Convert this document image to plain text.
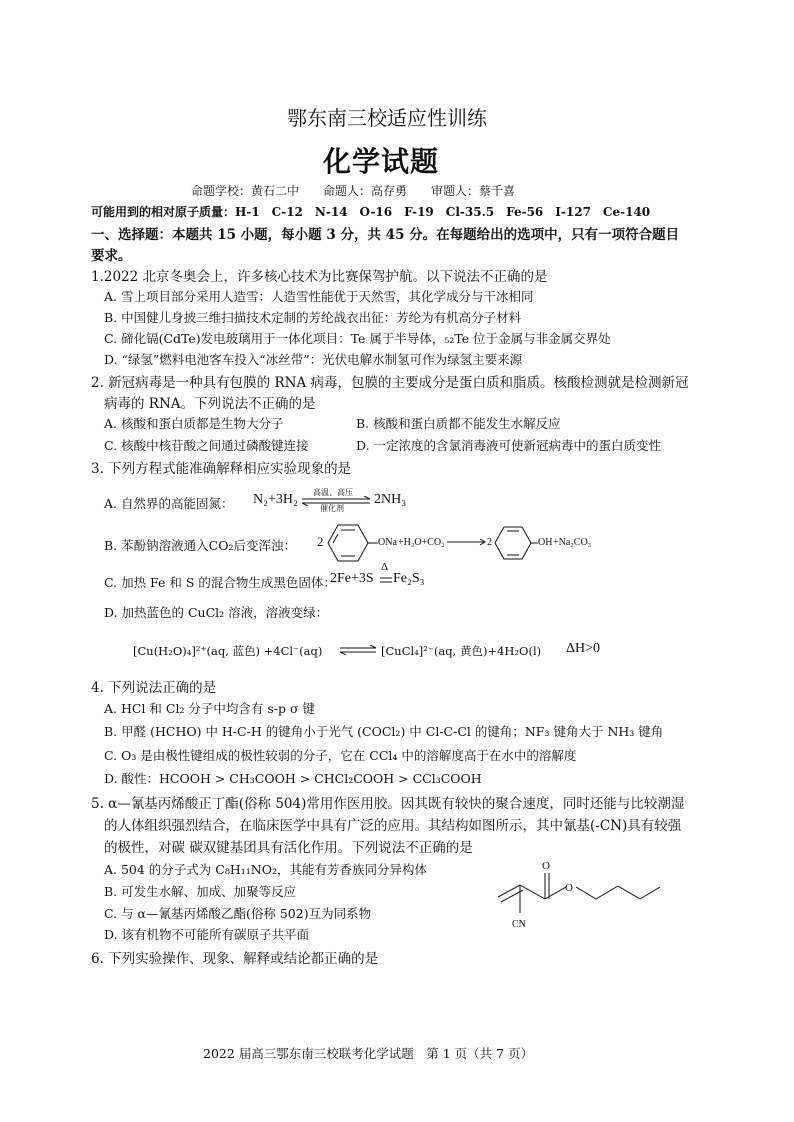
鄂东南三校适应性训练
化学试题
命题学校：黄石二中　　命题人：高存勇　　审题人：蔡千喜
可能用到的相对原子质量：H-1　C-12　N-14　O-16　F-19　Cl-35.5　Fe-56　I-127　Ce-140
一、选择题：本题共 15 小题，每小题 3 分，共 45 分。在每题给出的选项中，只有一项符合题目
要求。
1.2022 北京冬奥会上，许多核心技术为比赛保驾护航。以下说法不正确的是
A. 雪上项目部分采用人造雪：人造雪性能优于天然雪，其化学成分与干冰相同
B. 中国健儿身披三维扫描技术定制的芳纶战衣出征：芳纶为有机高分子材料
C. 碲化镉(CdTe)发电玻璃用于一体化项目：Te 属于半导体，₅₂Te 位于金属与非金属交界处
D. “绿氢”燃料电池客车投入“冰丝带”：光伏电解水制氢可作为绿氢主要来源
2. 新冠病毒是一种具有包膜的 RNA 病毒，包膜的主要成分是蛋白质和脂质。核酸检测就是检测新冠
病毒的 RNA。下列说法不正确的是
A. 核酸和蛋白质都是生物大分子	B. 核酸和蛋白质都不能发生水解反应
C. 核酸中核苷酸之间通过磷酸键连接	D. 一定浓度的含氯消毒液可使新冠病毒中的蛋白质变性
3. 下列方程式能准确解释相应实验现象的是
A. 自然界的高能固氮： N₂+3H₂ 高温、高压
催化剂
2NH₃
B. 苯酚钠溶液通入CO₂后变浑浊： 2	ONa +H₂O+CO₂	2	OH +Na₂CO₃
C. 加热 Fe 和 S 的混合物生成黑色固体：
2Fe+3S
Δ
Fe₂S₃
D. 加热蓝色的 CuCl₂ 溶液，溶液变绿：
[Cu(H₂O)₄]²⁺(aq, 蓝色) +4Cl⁻(aq)	[CuCl₄]²⁻(aq, 黄色)+4H₂O(l) ΔH>0
4. 下列说法正确的是
A. HCl 和 Cl₂ 分子中均含有 s-p σ 键
B. 甲醛 (HCHO) 中 H-C-H 的键角小于光气 (COCl₂) 中 Cl-C-Cl 的键角；NF₃ 键角大于 NH₃ 键角
C. O₃ 是由极性键组成的极性较弱的分子，它在 CCl₄ 中的溶解度高于在水中的溶解度
D. 酸性：HCOOH > CH₃COOH > CHCl₂COOH > CCl₃COOH
5. α—氰基丙烯酸正丁酯(俗称 504)常用作医用胶。因其既有较快的聚合速度，同时还能与比较潮湿
的人体组织强烈结合，在临床医学中具有广泛的应用。其结构如图所示，其中氰基(-CN)具有较强
的极性，对碳 碳双键基团具有活化作用。下列说法不正确的是
A. 504 的分子式为 C₈H₁₁NO₂，其能有芳香族同分异构体
B. 可发生水解、加成、加聚等反应
C. 与 α—氰基丙烯酸乙酯(俗称 502)互为同系物
D. 该有机物不可能所有碳原子共平面
O
O
CN
6. 下列实验操作、现象、解释或结论都正确的是
2022 届高三鄂东南三校联考化学试题　第 1 页（共 7 页）
